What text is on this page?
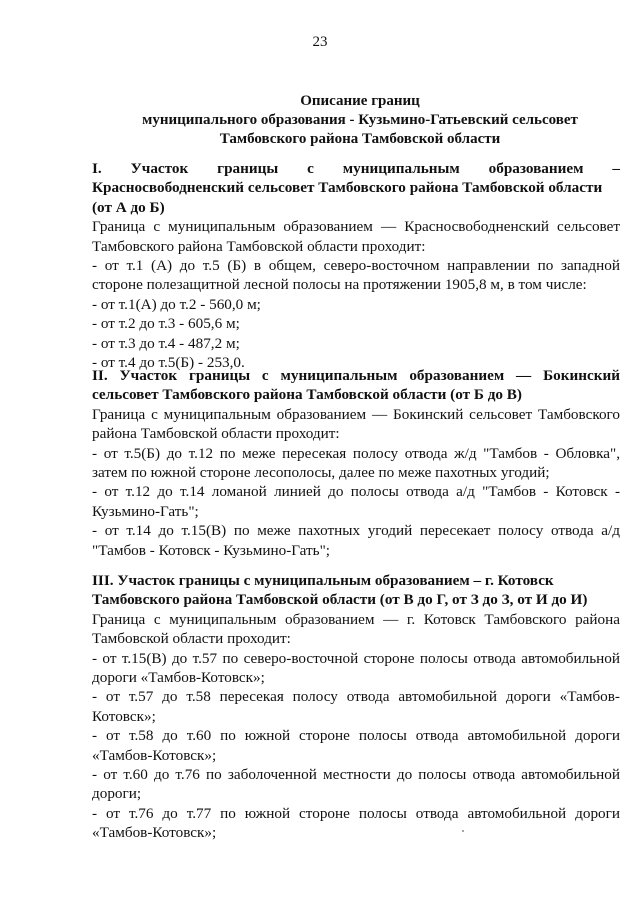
23
Описание границ
муниципального образования - Кузьмино-Гатьевский сельсовет
Тамбовского района Тамбовской области
I. Участок границы с муниципальным образованием –
Красносвободненский сельсовет Тамбовского района Тамбовской области
(от А до Б)
Граница с муниципальным образованием — Красносвободненский сельсовет
Тамбовского района Тамбовской области проходит:
- от т.1 (А) до т.5 (Б) в общем, северо-восточном направлении по западной
стороне полезащитной лесной полосы на протяжении 1905,8 м, в том числе:
- от т.1(А) до т.2 - 560,0 м;
- от т.2 до т.3 - 605,6 м;
- от т.3 до т.4 - 487,2 м;
- от т.4 до т.5(Б) - 253,0.
II. Участок границы с муниципальным образованием — Бокинский
сельсовет Тамбовского района Тамбовской области (от Б до В)
Граница с муниципальным образованием — Бокинский сельсовет Тамбовского
района Тамбовской области проходит:
- от т.5(Б) до т.12 по меже пересекая полосу отвода ж/д "Тамбов - Обловка",
затем по южной стороне лесополосы, далее по меже пахотных угодий;
- от т.12 до т.14 ломаной линией до полосы отвода а/д "Тамбов - Котовск -
Кузьмино-Гать";
- от т.14 до т.15(В) по меже пахотных угодий пересекает полосу отвода а/д
"Тамбов - Котовск - Кузьмино-Гать";
III. Участок границы с муниципальным образованием – г. Котовск
Тамбовского района Тамбовской области (от В до Г, от З до З, от И до И)
Граница с муниципальным образованием — г. Котовск Тамбовского района
Тамбовской области проходит:
- от т.15(В) до т.57 по северо-восточной стороне полосы отвода автомобильной
дороги «Тамбов-Котовск»;
- от т.57 до т.58 пересекая полосу отвода автомобильной дороги «Тамбов-
Котовск»;
- от т.58 до т.60 по южной стороне полосы отвода автомобильной дороги
«Тамбов-Котовск»;
- от т.60 до т.76 по заболоченной местности до полосы отвода автомобильной
дороги;
- от т.76 до т.77 по южной стороне полосы отвода автомобильной дороги
«Тамбов-Котовск»;
